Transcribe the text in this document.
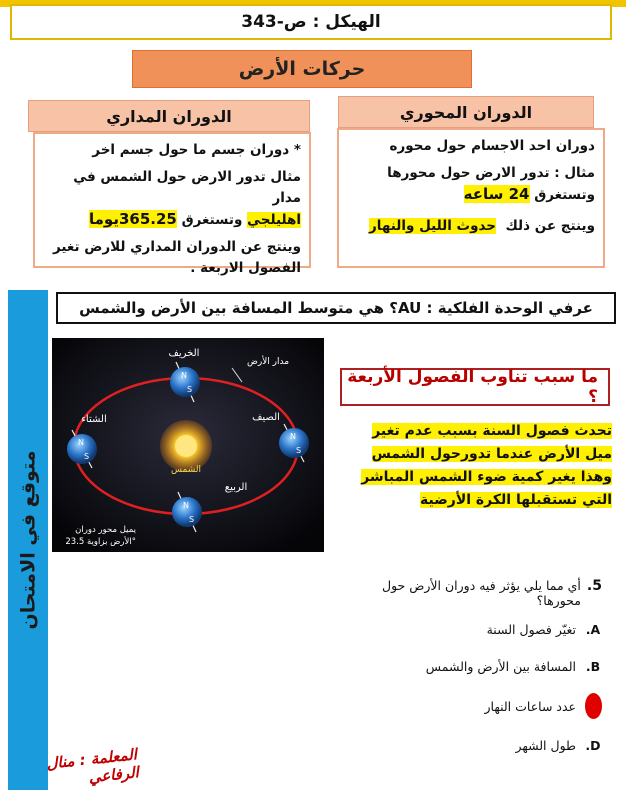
الهيكل : ص-343
حركات الأرض
الدوران المحوري
دوران احد الاجسام حول محوره
مثال : تدور الارض حول محورها
وتستغرق 24 ساعه
وينتج عن ذلك  حدوث الليل والنهار
الدوران المداري
* دوران جسم ما حول جسم اخر
مثال تدور الارض حول الشمس في مدار
اهليلجي وتستغرق 365.25يوما
وينتج عن الدوران المداري للارض تغير
الفصول الاربعة .
متوقع في الامتحان
عرفي الوحدة الفلكية : AU؟ هي متوسط المسافة بين الأرض والشمس
الخريف
مدار الأرض
الشتاء	الصيف
الشمس
الربيع
يميل محور دوران
الأرض بزاوية 23.5°
N
S
N
S
N
S
N
S
ما سبب تناوب الفصول الأربعة ؟
تحدث فصول السنة بسبب عدم تغير
ميل الأرض عندما تدورحول الشمس
وهذا يغير كمية ضوء الشمس المباشر
التي تستقبلها الكرة الأرضية
5.
أي مما يلي يؤثر فيه دوران الأرض حول محورها؟
A.
تغيّر فصول السنة
B.
المسافة بين الأرض والشمس
عدد ساعات النهار
D.
طول الشهر
المعلمة : منال الرفاعي
